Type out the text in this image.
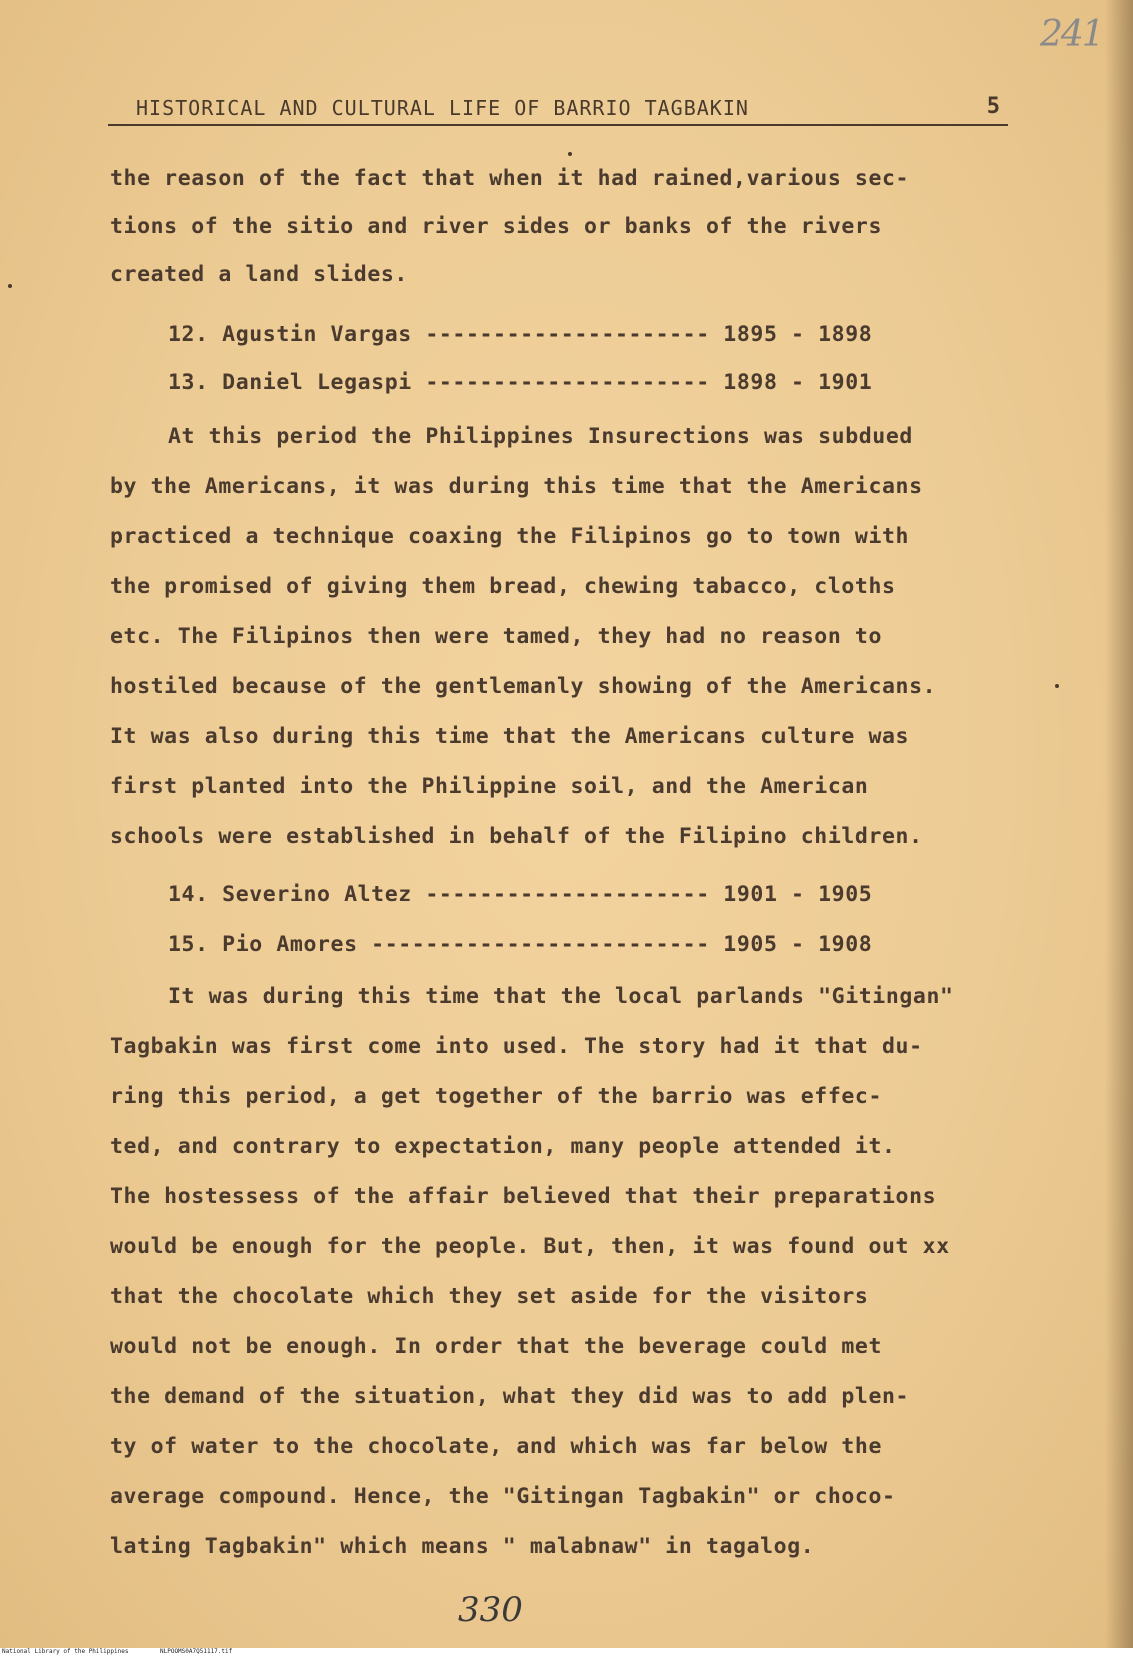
241
HISTORICAL AND CULTURAL LIFE OF BARRIO TAGBAKIN	5
the reason of the fact that when it had rained,various sec-
tions of the sitio and river sides or banks of the rivers
created a land slides.
12. Agustin Vargas --------------------- 1895 - 1898
13. Daniel Legaspi --------------------- 1898 - 1901
At this period the Philippines Insurections was subdued
by the Americans, it was during this time that the Americans
practiced a technique coaxing the Filipinos go to town with
the promised of giving them bread, chewing tabacco, cloths
etc. The Filipinos then were tamed, they had no reason to
hostiled because of the gentlemanly showing of the Americans.
It was also during this time that the Americans culture was
first planted into the Philippine soil, and the American
schools were established in behalf of the Filipino children.
14. Severino Altez --------------------- 1901 - 1905
15. Pio Amores ------------------------- 1905 - 1908
It was during this time that the local parlands "Gitingan"
Tagbakin was first come into used. The story had it that du-
ring this period, a get together of the barrio was effec-
ted, and contrary to expectation, many people attended it.
The hostessess of the affair believed that their preparations
would be enough for the people. But, then, it was found out xx
that the chocolate which they set aside for the visitors
would not be enough. In order that the beverage could met
the demand of the situation, what they did was to add plen-
ty of water to the chocolate, and which was far below the
average compound. Hence, the "Gitingan Tagbakin" or choco-
lating Tagbakin" which means " malabnaw" in tagalog.
330
National Library of the Philippines	NLPOOMS0A7Q51117.tif
